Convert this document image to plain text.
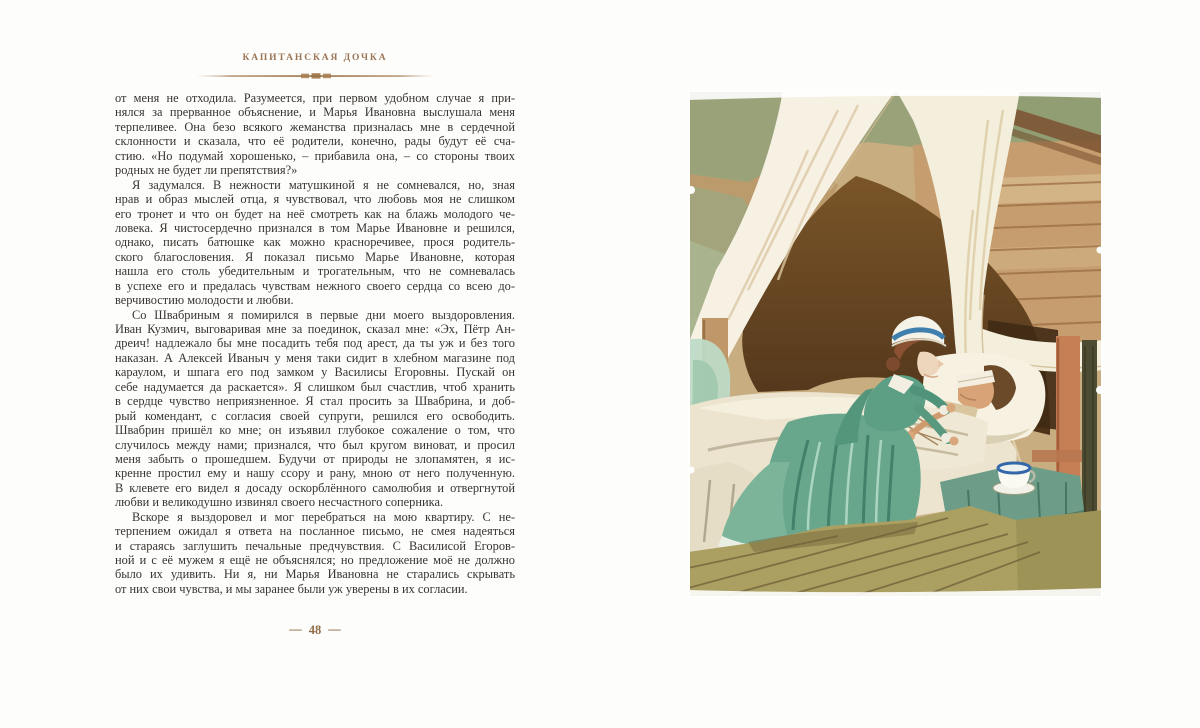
КАПИТАНСКАЯ ДОЧКА
от меня не отходила. Разумеется, при первом удобном случае я при-
нялся за прерванное объяснение, и Марья Ивановна выслушала меня
терпеливее. Она безо всякого жеманства призналась мне в сердечной
склонности и сказала, что её родители, конечно, рады будут её сча-
стию. «Но подумай хорошенько, – прибавила она, – со стороны твоих
родных не будет ли препятствия?»
Я задумался. В нежности матушкиной я не сомневался, но, зная
нрав и образ мыслей отца, я чувствовал, что любовь моя не слишком
его тронет и что он будет на неё смотреть как на блажь молодого че-
ловека. Я чистосердечно признался в том Марье Ивановне и решился,
однако, писать батюшке как можно красноречивее, прося родитель-
ского благословения. Я показал письмо Марье Ивановне, которая
нашла его столь убедительным и трогательным, что не сомневалась
в успехе его и предалась чувствам нежного своего сердца со всею до-
верчивостию молодости и любви.
Со Швабриным я помирился в первые дни моего выздоровления.
Иван Кузмич, выговаривая мне за поединок, сказал мне: «Эх, Пётр Ан-
дреич! надлежало бы мне посадить тебя под арест, да ты уж и без того
наказан. А Алексей Иваныч у меня таки сидит в хлебном магазине под
караулом, и шпага его под замком у Василисы Егоровны. Пускай он
себе надумается да раскается». Я слишком был счастлив, чтоб хранить
в сердце чувство неприязненное. Я стал просить за Швабрина, и доб-
рый комендант, с согласия своей супруги, решился его освободить.
Швабрин пришёл ко мне; он изъявил глубокое сожаление о том, что
случилось между нами; признался, что был кругом виноват, и просил
меня забыть о прошедшем. Будучи от природы не злопамятен, я ис-
кренне простил ему и нашу ссору и рану, мною от него полученную.
В клевете его видел я досаду оскорблённого самолюбия и отвергнутой
любви и великодушно извинял своего несчастного соперника.
Вскоре я выздоровел и мог перебраться на мою квартиру. С не-
терпением ожидал я ответа на посланное письмо, не смея надеяться
и стараясь заглушить печальные предчувствия. С Василисой Егоров-
ной и с её мужем я ещё не объяснялся; но предложение моё не должно
было их удивить. Ни я, ни Марья Ивановна не старались скрывать
от них свои чувства, и мы заранее были уж уверены в их согласии.
— 48 —
